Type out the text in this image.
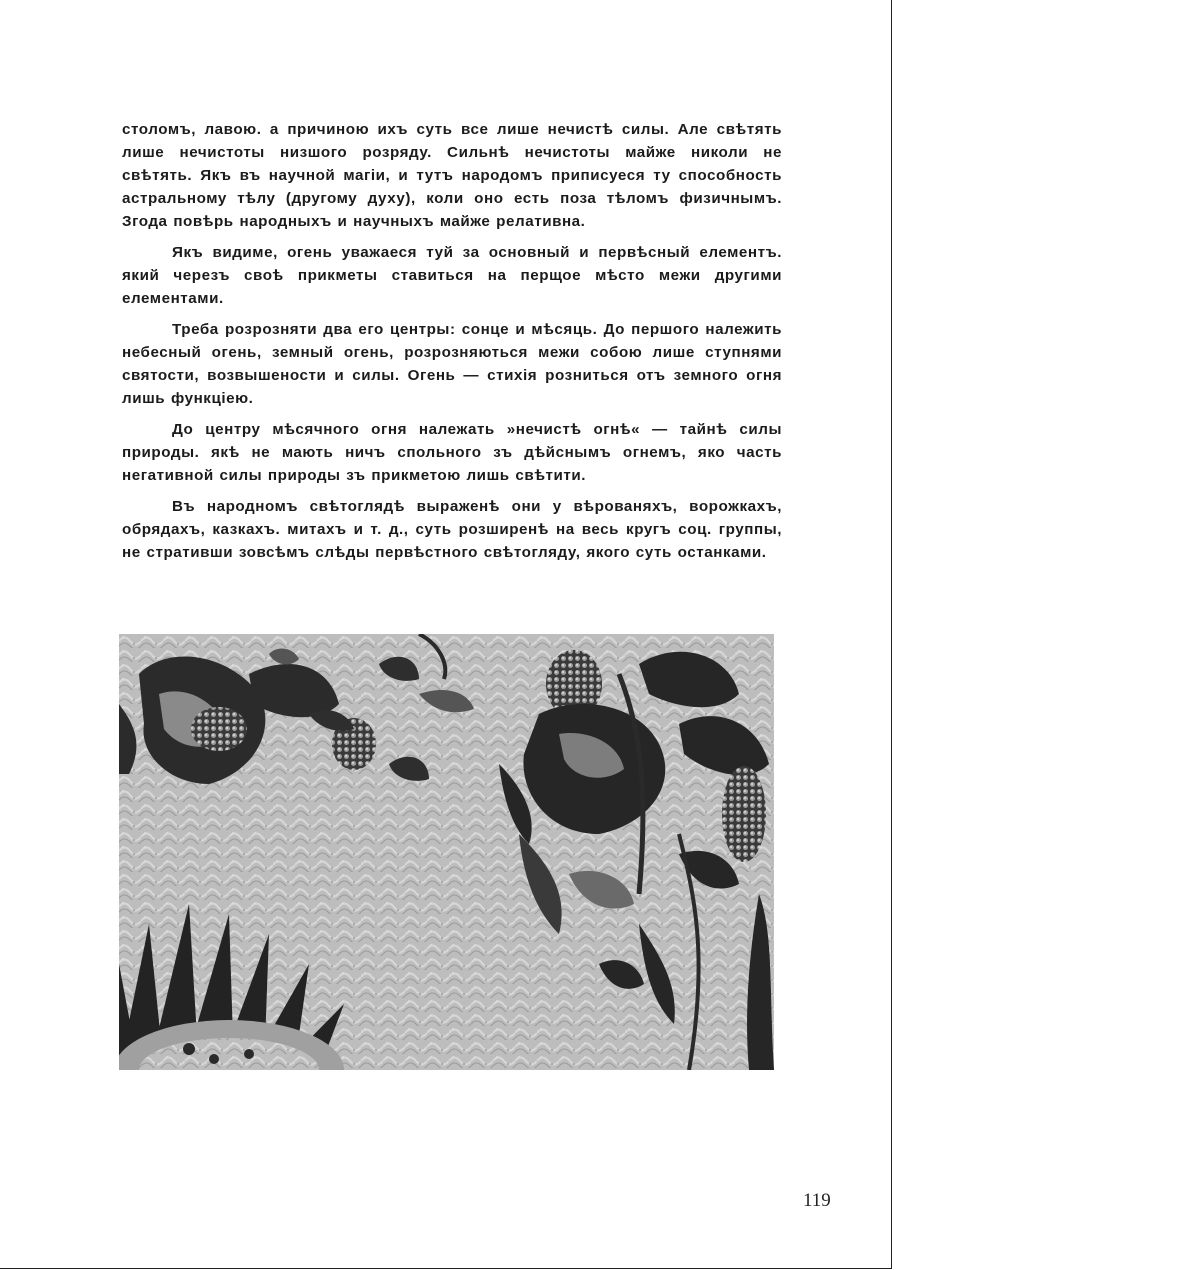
столомъ, лавою. а причиною ихъ суть все лише нечистѣ силы. Але свѣтять лише нечистоты низшого розряду. Сильнѣ нечистоты майже николи не свѣтять. Якъ въ научной магіи, и тутъ народомъ приписуеся ту способность астральному тѣлу (другому духу), коли оно есть поза тѣломъ физичнымъ. Згода повѣрь народныхъ и научныхъ майже релативна.

Якъ видиме, огень уважаеся туй за основный и первѣсный елементъ. який черезъ своѣ прикметы ставиться на перщое мѣсто межи другими елементами.

Треба розрозняти два его центры: сонце и мѣсяць. До першого належить небесный огень, земный огень, розрозняються межи собою лише ступнями святости, возвышености и силы. Огень — стихія розниться отъ земного огня лишь функціею.

До центру мѣсячного огня належать »нечистѣ огнѣ« — тайнѣ силы природы. якѣ не мають ничъ спольного зъ дѣйснымъ огнемъ, яко часть негативной силы природы зъ прикметою лишь свѣтити.

Въ народномъ свѣтоглядѣ выраженѣ они у вѣрованяхъ, ворожкахъ, обрядахъ, казкахъ. митахъ и т. д., суть розширенѣ на весь кругъ соц. группы, не стративши зовсѣмъ слѣды первѣстного свѣтогляду, якого суть останками.

119
